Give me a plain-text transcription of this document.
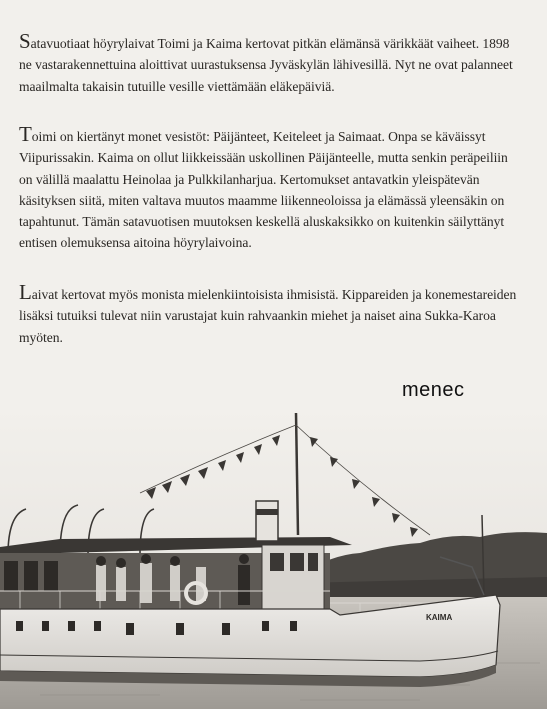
Satavuotiaat höyrylaivat Toimi ja Kaima kertovat pitkän elämänsä värikkäät vaiheet. 1898 ne vastarakennettuina aloittivat uurastuksensa Jyväskylän lähivesillä. Nyt ne ovat palanneet maailmalta takaisin tutuille vesille viettämään eläkepäiviä.

Toimi on kiertänyt monet vesistöt: Päijänteet, Keiteleet ja Saimaat. Onpa se käväissyt Viipurissakin. Kaima on ollut liikkeissään uskollinen Päijänteelle, mutta senkin peräpeiliin on välillä maalattu Heinolaa ja Pulkkilanharjua. Kertomukset antavatkin yleispätevän käsityksen siitä, miten valtava muutos maamme liikenneoloissa ja elämässä yleensäkin on tapahtunut. Tämän satavuotisen muutoksen keskellä aluskaksikko on kuitenkin säilyttänyt entisen olemuksensa aitoina höyrylaivoina.

Laivat kertovat myös monista mielenkiintoisista ihmisistä. Kippareiden ja konemestareiden lisäksi tutuiksi tulevat niin varustajat kuin rahvaankin miehet ja naiset aina Sukka-Karoa myöten.

menec
KAIMA
